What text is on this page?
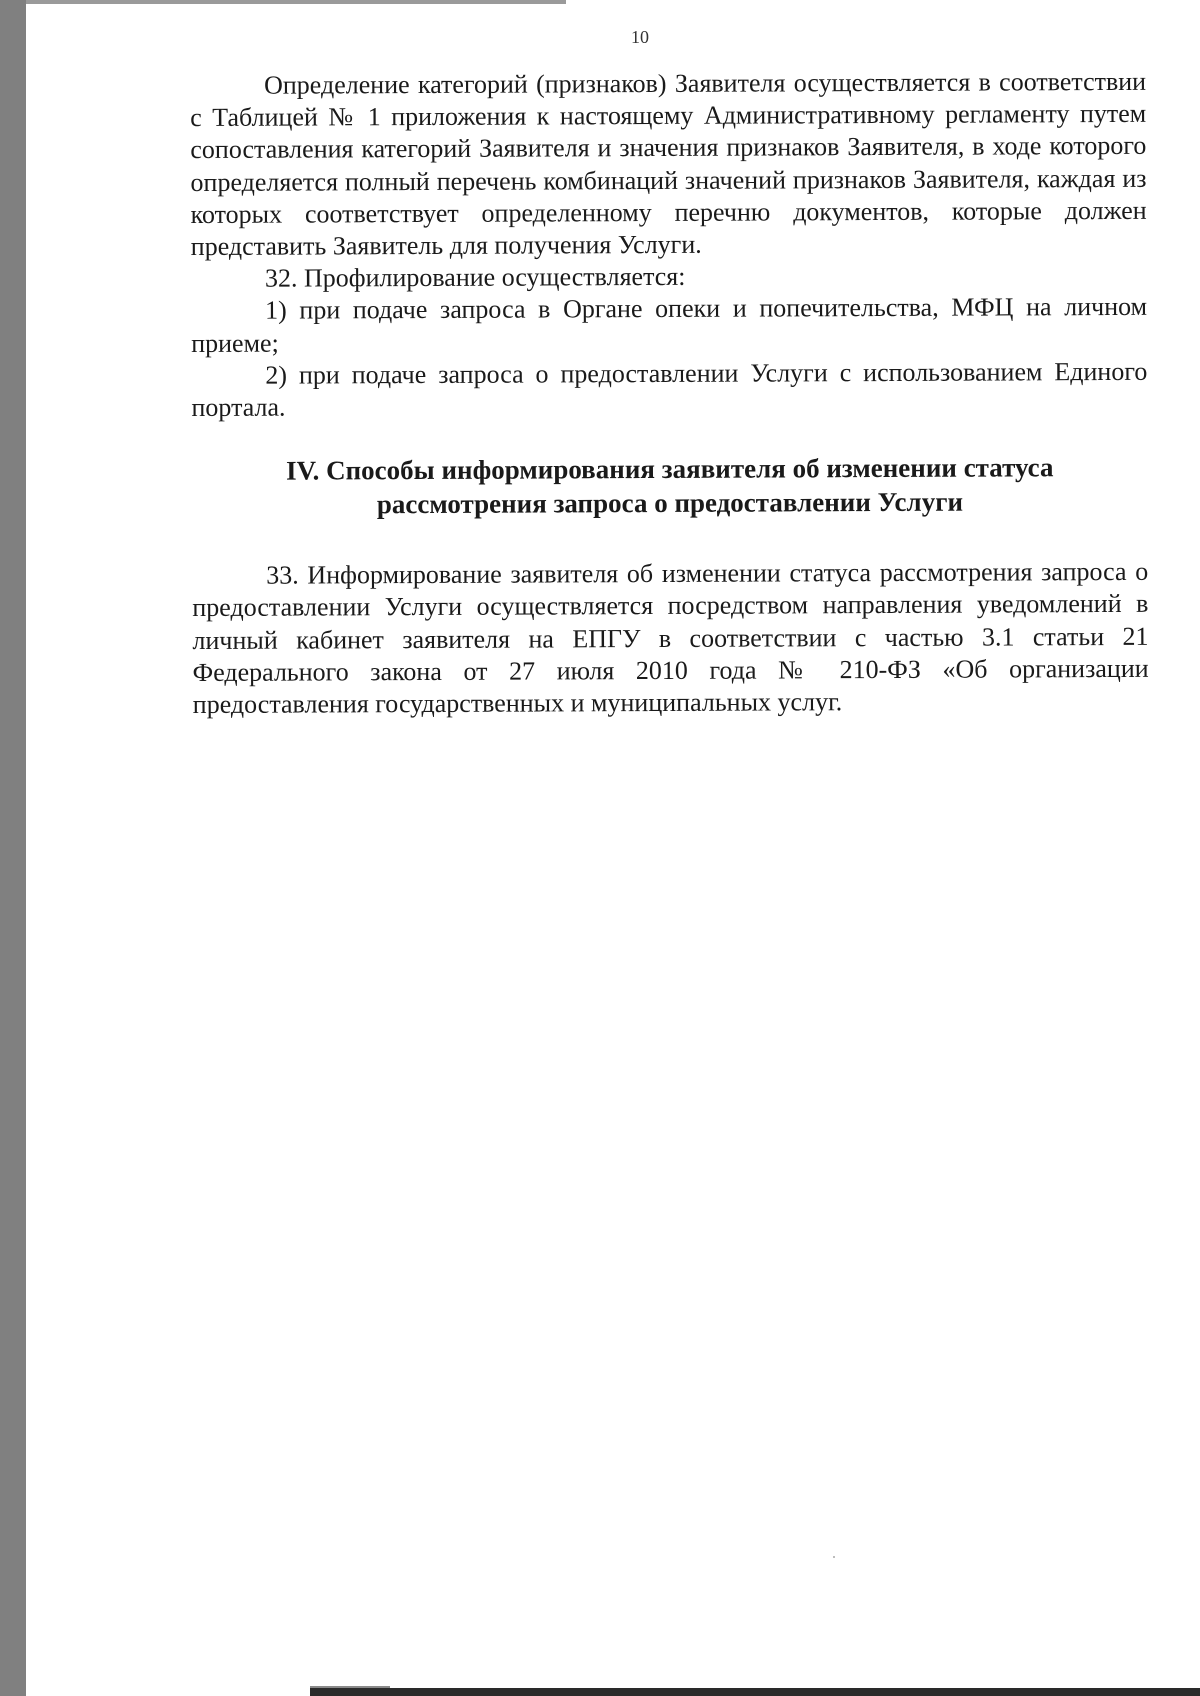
10

Определение категорий (признаков) Заявителя осуществляется в соответствии с Таблицей № 1 приложения к настоящему Административному регламенту путем сопоставления категорий Заявителя и значения признаков Заявителя, в ходе которого определяется полный перечень комбинаций значений признаков Заявителя, каждая из которых соответствует определенному перечню документов, которые должен представить Заявитель для получения Услуги.

32. Профилирование осуществляется:

1) при подаче запроса в Органе опеки и попечительства, МФЦ на личном приеме;

2) при подаче запроса о предоставлении Услуги с использованием Единого портала.

IV. Способы информирования заявителя об изменении статуса
рассмотрения запроса о предоставлении Услуги

33. Информирование заявителя об изменении статуса рассмотрения запроса о предоставлении Услуги осуществляется посредством направления уведомлений в личный кабинет заявителя на ЕПГУ в соответствии с частью 3.1 статьи 21 Федерального закона от 27 июля 2010 года № 210-ФЗ «Об организации предоставления государственных и муниципальных услуг.
